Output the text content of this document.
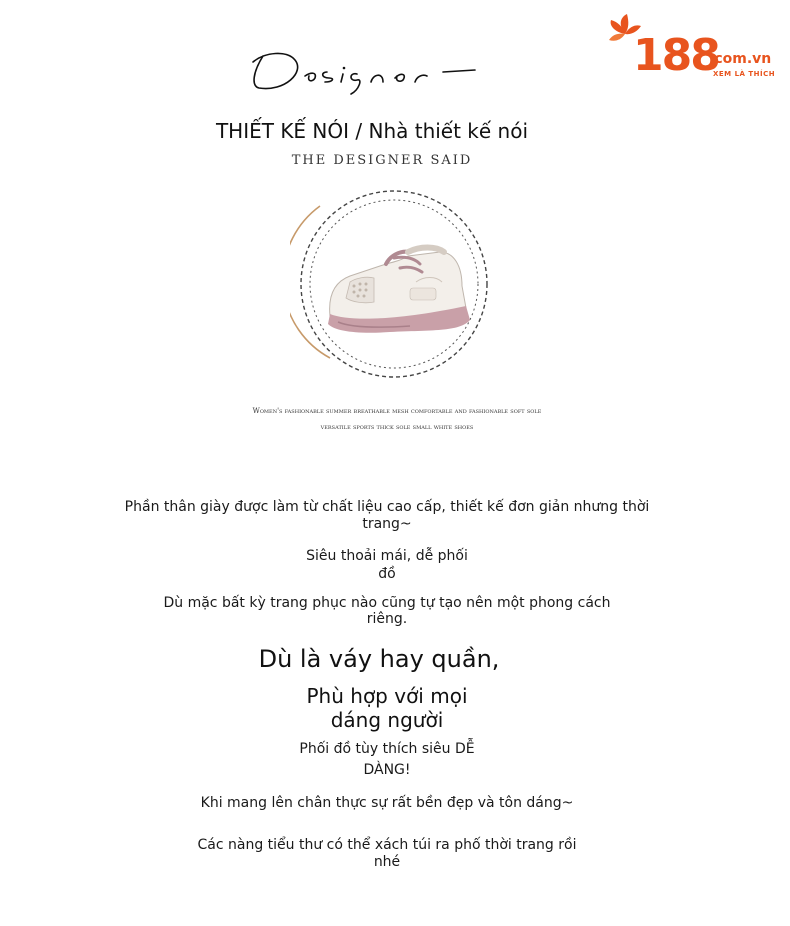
188
.com.vn
XEM LÀ THÍCH
THIẾT KẾ NÓI / Nhà thiết kế nói
THE DESIGNER SAID
Women's fashionable summer breathable mesh comfortable and fashionable soft sole
versatile sports thick sole small white shoes
Phần thân giày được làm từ chất liệu cao cấp, thiết kế đơn giản nhưng thời
trang~
Siêu thoải mái, dễ phối
đồ
Dù mặc bất kỳ trang phục nào cũng tự tạo nên một phong cách
riêng.
Dù là váy hay quần,
Phù hợp với mọi
dáng người
Phối đồ tùy thích siêu DỄ
DÀNG!
Khi mang lên chân thực sự rất bền đẹp và tôn dáng~
Các nàng tiểu thư có thể xách túi ra phố thời trang rồi
nhé
